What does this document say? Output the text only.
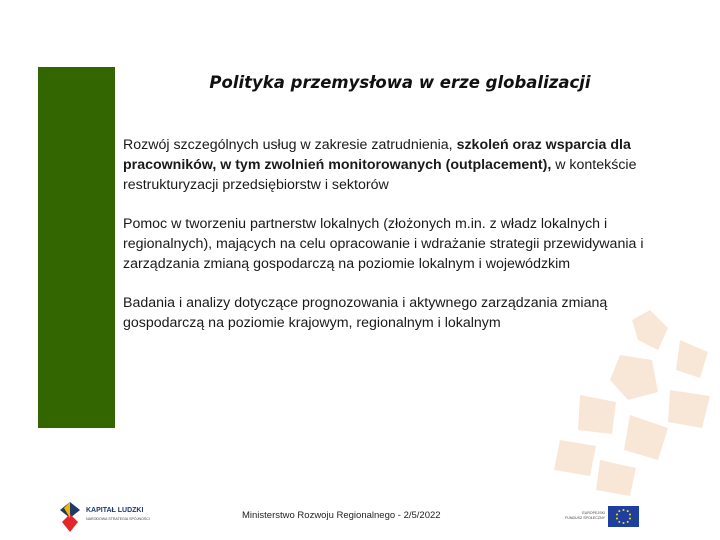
Polityka przemysłowa w erze globalizacji

Rozwój szczególnych usług w zakresie zatrudnienia, szkoleń oraz wsparcia dla pracowników, w tym zwolnień monitorowanych (outplacement), w kontekście restrukturyzacji przedsiębiorstw i sektorów

Pomoc w tworzeniu partnerstw lokalnych (złożonych m.in. z władz lokalnych i regionalnych), mających na celu opracowanie i wdrażanie strategii przewidywania i zarządzania zmianą gospodarczą na poziomie lokalnym i wojewódzkim

Badania i analizy dotyczące prognozowania i aktywnego zarządzania zmianą gospodarczą na poziomie krajowym, regionalnym i lokalnym

KAPITAŁ LUDZKI
NARODOWA STRATEGIA SPÓJNOŚCI	Ministerstwo Rozwoju Regionalnego - 2/5/2022	EUROPEJSKI FUNDUSZ SPOŁECZNY
